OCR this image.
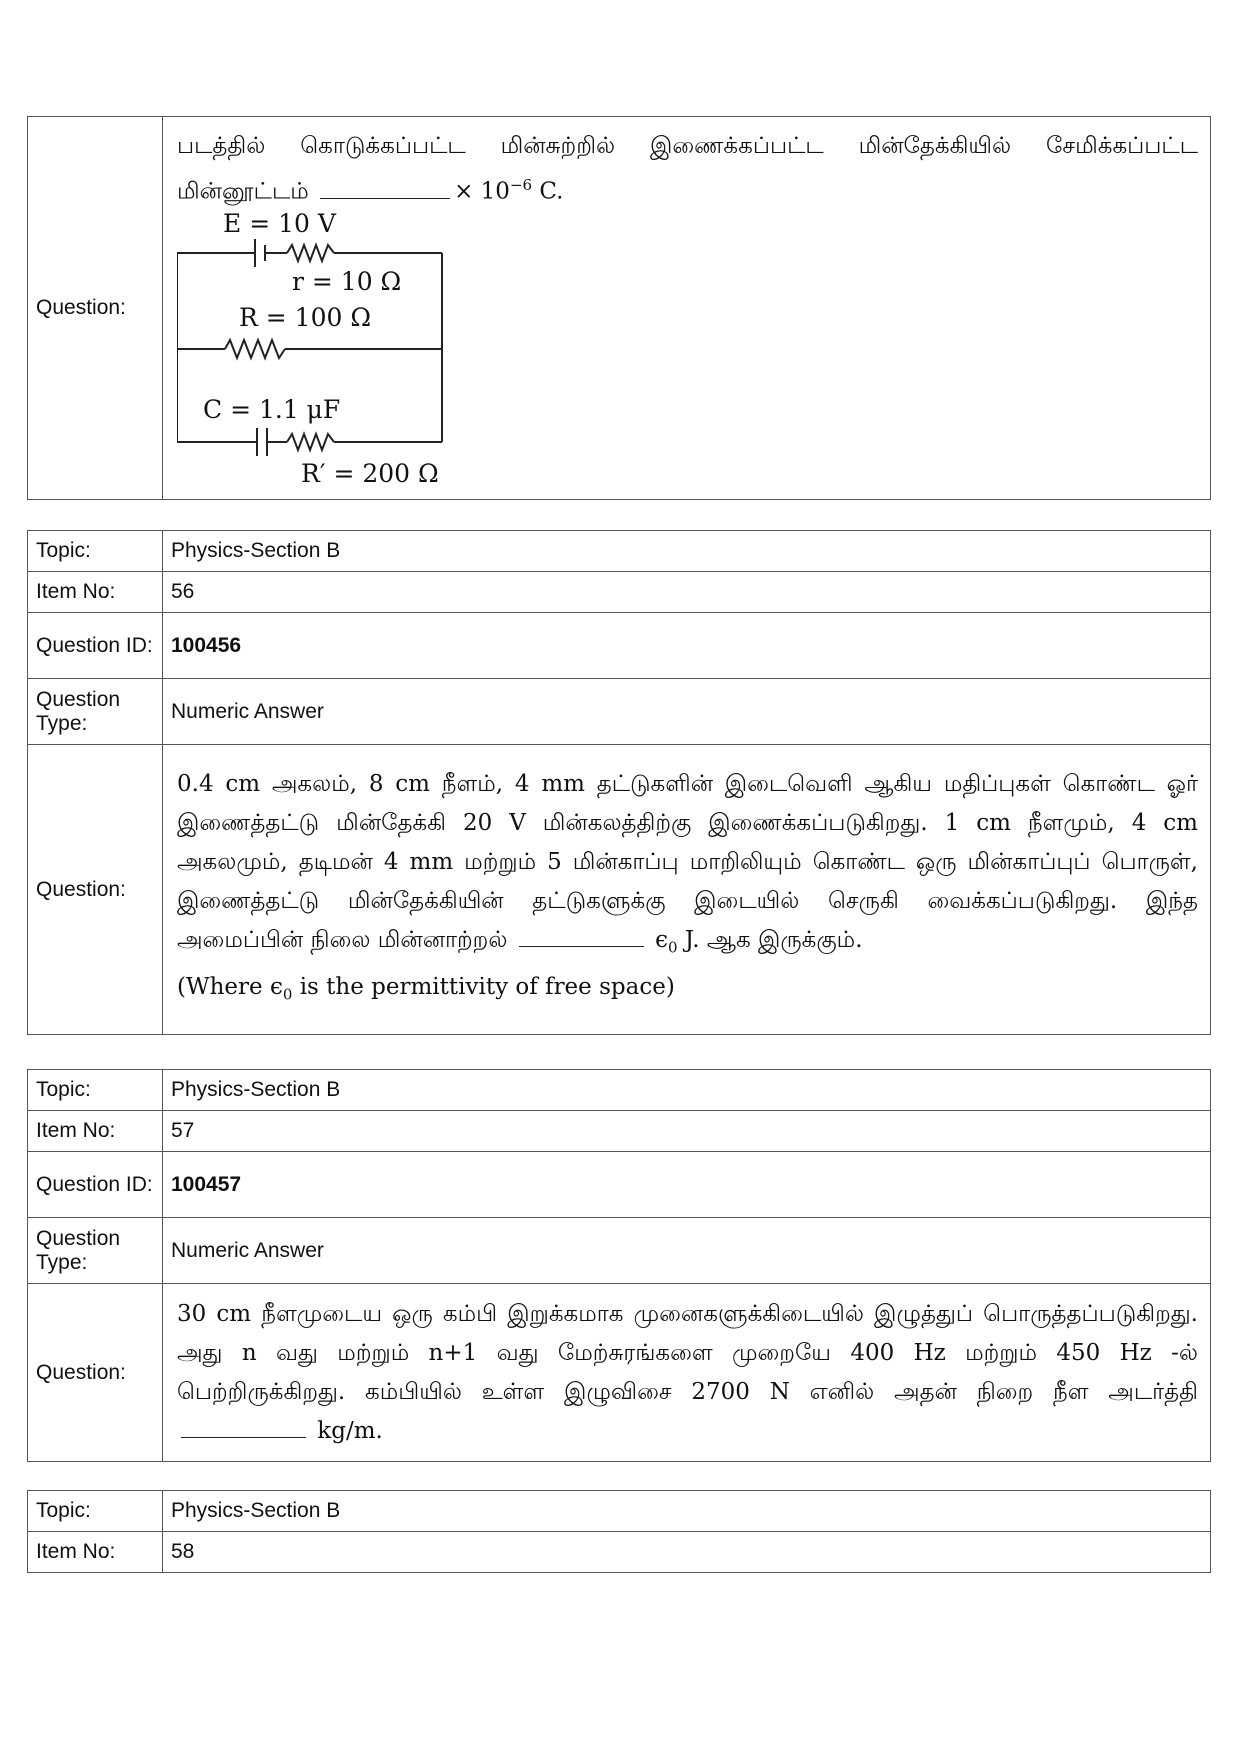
Question:	
படத்தில் கொடுக்கப்பட்ட மின்சுற்றில் இணைக்கப்பட்ட மின்தேக்கியில் சேமிக்கப்பட்ட மின்னூட்டம்	× $10^{-6}$ C.
E = 10 V
r = 10 Ω
R = 100 Ω
C = 1.1 μF
R′ = 200 Ω
Topic:	Physics-Section B
Item No:	56
Question ID:	100456
Question Type:	Numeric Answer
Question:	0.4 cm அகலம், 8 cm நீளம், 4 mm தட்டுகளின் இடைவெளி ஆகிய மதிப்புகள் கொண்ட ஓர் இணைத்தட்டு மின்தேக்கி 20 V மின்கலத்திற்கு இணைக்கப்படுகிறது. 1 cm நீளமும், 4 cm அகலமும், தடிமன் 4 mm மற்றும் 5 மின்காப்பு மாறிலியும் கொண்ட ஒரு மின்காப்புப் பொருள், இணைத்தட்டு மின்தேக்கியின் தட்டுகளுக்கு இடையில் செருகி வைக்கப்படுகிறது. இந்த அமைப்பின் நிலை மின்னாற்றல் $\epsilon_0$ J. ஆக இருக்கும்.
(Where $\epsilon_0$ is the permittivity of free space)
Topic:	Physics-Section B
Item No:	57
Question ID:	100457
Question Type:	Numeric Answer
Question:	30 cm நீளமுடைய ஒரு கம்பி இறுக்கமாக முனைகளுக்கிடையில் இழுத்துப் பொருத்தப்படுகிறது. அது n வது மற்றும் n+1 வது மேற்சுரங்களை முறையே 400 Hz மற்றும் 450 Hz -ல் பெற்றிருக்கிறது. கம்பியில் உள்ள இழுவிசை 2700 N எனில் அதன் நிறை நீள அடர்த்தி  kg/m.
Topic:	Physics-Section B
Item No:	58
